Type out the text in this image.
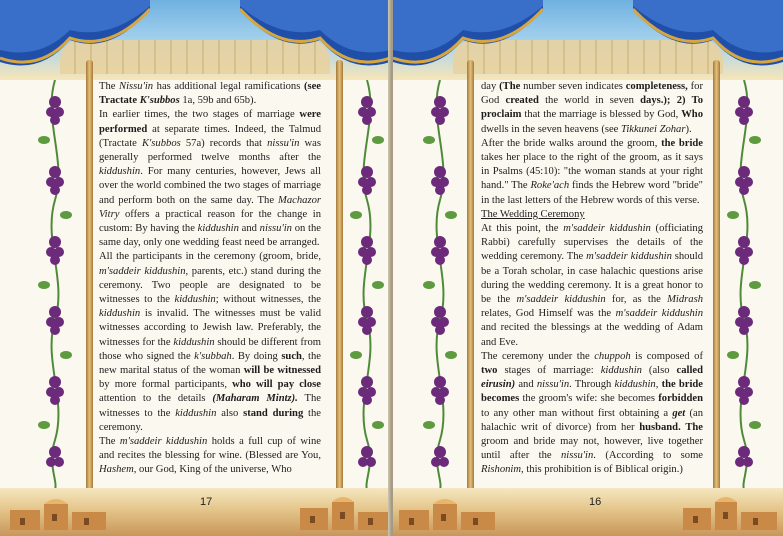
The Nissu'in has additional legal ramifications (see Tractate K'subbos 1a, 59b and 65b).

In earlier times, the two stages of marriage were performed at separate times. Indeed, the Talmud (Tractate K'subbos 57a) records that nissu'in was generally performed twelve months after the kiddushin. For many centuries, however, Jews all over the world combined the two stages of marriage and perform both on the same day. The Machazor Vitry offers a practical reason for the change in custom: By having the kiddushin and nissu'in on the same day, only one wedding feast need be arranged.

All the participants in the ceremony (groom, bride, m'saddeir kiddushin, parents, etc.) stand during the ceremony. Two people are designated to be witnesses to the kiddushin; without witnesses, the kiddushin is invalid. The witnesses must be valid witnesses according to Jewish law. Preferably, the witnesses for the kiddushin should be different from those who signed the k'subbah. By doing such, the new marital status of the woman will be witnessed by more formal participants, who will pay close attention to the details (Maharam Mintz). The witnesses to the kiddushin also stand during the ceremony.

The m'saddeir kiddushin holds a full cup of wine and recites the blessing for wine. (Blessed are You, Hashem, our God, King of the universe, Who

17

day (The number seven indicates completeness, for God created the world in seven days.); 2) To proclaim that the marriage is blessed by God, Who dwells in the seven heavens (see Tikkunei Zohar).

After the bride walks around the groom, the bride takes her place to the right of the groom, as it says in Psalms (45:10): "the woman stands at your right hand." The Roke'ach finds the Hebrew word "bride" in the last letters of the Hebrew words of this verse.

The Wedding Ceremony

At this point, the m'saddeir kiddushin (officiating Rabbi) carefully supervises the details of the wedding ceremony. The m'saddeir kiddushin should be a Torah scholar, in case halachic questions arise during the wedding ceremony. It is a great honor to be the m'saddeir kiddushin for, as the Midrash relates, God Himself was the m'saddeir kiddushin and recited the blessings at the wedding of Adam and Eve.

The ceremony under the chuppoh is composed of two stages of marriage: kiddushin (also called eirusin) and nissu'in. Through kiddushin, the bride becomes the groom's wife: she becomes forbidden to any other man without first obtaining a get (an halachic writ of divorce) from her husband. The groom and bride may not, however, live together until after the nissu'in. (According to some Rishonim, this prohibition is of Biblical origin.)

16
